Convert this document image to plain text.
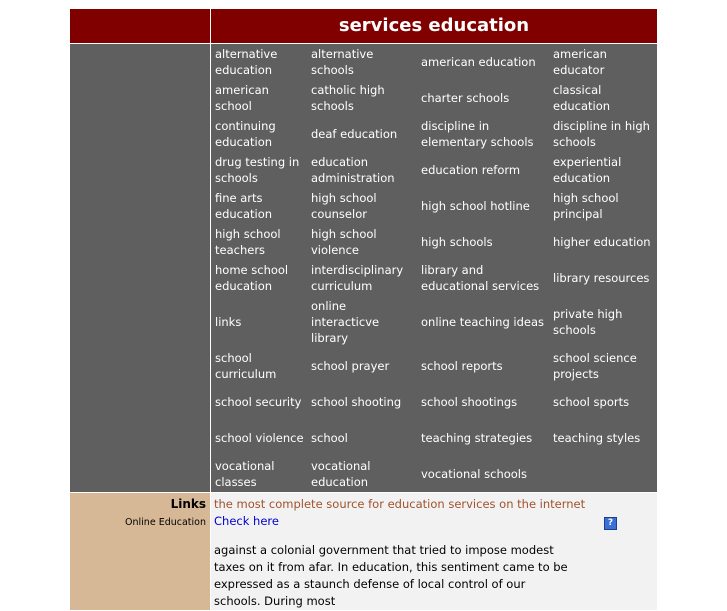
	services education

alternative education	alternative schools	american education	american educator
american school	catholic high schools	charter schools	classical education
continuing education	deaf education	discipline in elementary schools	discipline in high schools
drug testing in schools	education administration	education reform	experiential education
fine arts education	high school counselor	high school hotline	high school principal
high school teachers	high school violence	high schools	higher education
home school education	interdisciplinary curriculum	library and educational services	library resources
links	online interacticve library	online teaching ideas	private high schools
school curriculum	school prayer	school reports	school science projects
school security	school shooting	school shootings	school sports
school violence	school	teaching strategies	teaching styles
vocational classes	vocational education	vocational schools	

Links
Online Education

the most complete source for education services on the internet
Check here
against a colonial government that tried to impose modest taxes on it from afar. In education, this sentiment came to be expressed as a staunch defense of local control of our schools. During most
?
